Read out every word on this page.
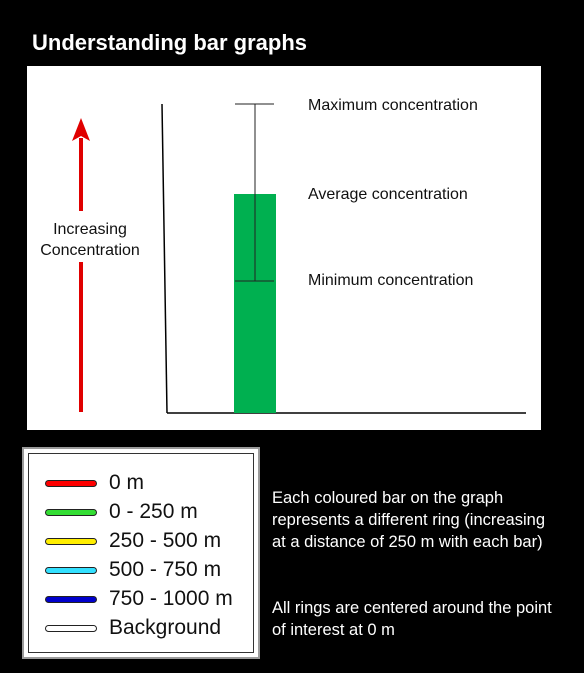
Understanding bar graphs
Increasing
Concentration
Maximum concentration
Average concentration
Minimum concentration
0 m
0 - 250 m
250 - 500 m
500 - 750 m
750 - 1000 m
Background
Each coloured bar on the graph represents a different ring (increasing at a distance of 250 m with each bar)
All rings are centered around the point of interest at 0 m
